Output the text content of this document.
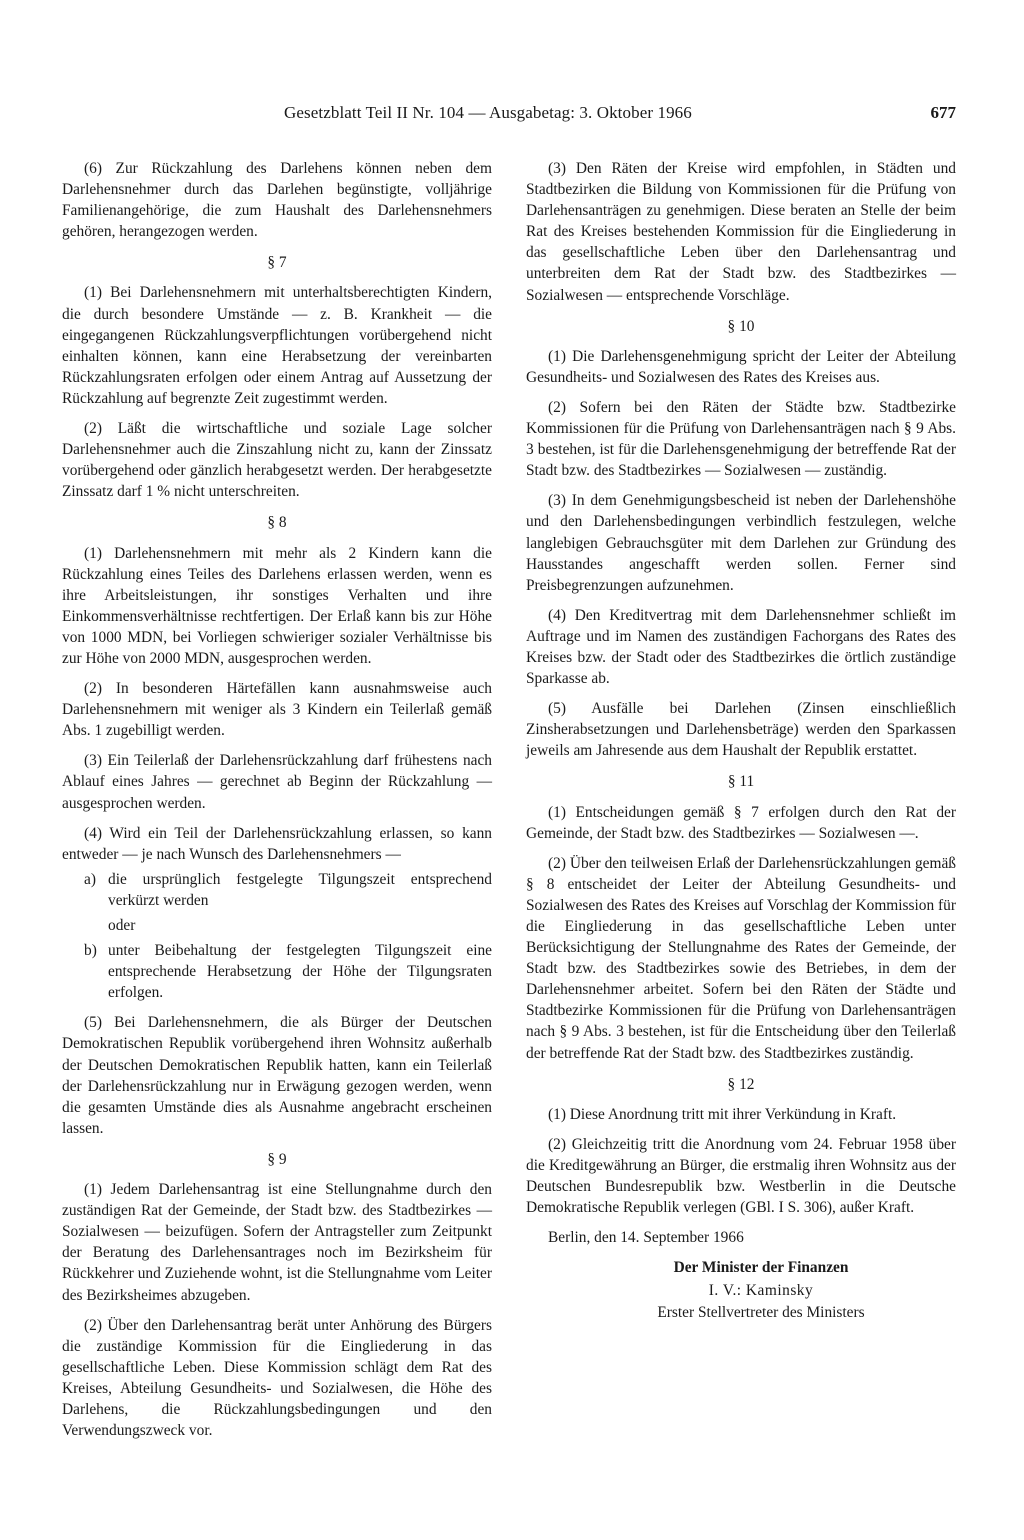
Gesetzblatt Teil II Nr. 104 — Ausgabetag: 3. Oktober 1966	677

(6) Zur Rückzahlung des Darlehens können neben dem Darlehensnehmer durch das Darlehen begünstigte, volljährige Familienangehörige, die zum Haushalt des Darlehensnehmers gehören, herangezogen werden.

§ 7

(1) Bei Darlehensnehmern mit unterhaltsberechtigten Kindern, die durch besondere Umstände — z. B. Krankheit — die eingegangenen Rückzahlungsverpflichtungen vorübergehend nicht einhalten können, kann eine Herabsetzung der vereinbarten Rückzahlungsraten erfolgen oder einem Antrag auf Aussetzung der Rückzahlung auf begrenzte Zeit zugestimmt werden.

(2) Läßt die wirtschaftliche und soziale Lage solcher Darlehensnehmer auch die Zinszahlung nicht zu, kann der Zinssatz vorübergehend oder gänzlich herabgesetzt werden. Der herabgesetzte Zinssatz darf 1 % nicht unterschreiten.

§ 8

(1) Darlehensnehmern mit mehr als 2 Kindern kann die Rückzahlung eines Teiles des Darlehens erlassen werden, wenn es ihre Arbeitsleistungen, ihr sonstiges Verhalten und ihre Einkommensverhältnisse rechtfertigen. Der Erlaß kann bis zur Höhe von 1000 MDN, bei Vorliegen schwieriger sozialer Verhältnisse bis zur Höhe von 2000 MDN, ausgesprochen werden.

(2) In besonderen Härtefällen kann ausnahmsweise auch Darlehensnehmern mit weniger als 3 Kindern ein Teilerlaß gemäß Abs. 1 zugebilligt werden.

(3) Ein Teilerlaß der Darlehensrückzahlung darf frühestens nach Ablauf eines Jahres — gerechnet ab Beginn der Rückzahlung — ausgesprochen werden.

(4) Wird ein Teil der Darlehensrückzahlung erlassen, so kann entweder — je nach Wunsch des Darlehensnehmers —

a) die ursprünglich festgelegte Tilgungszeit entsprechend verkürzt werden
oder
b) unter Beibehaltung der festgelegten Tilgungszeit eine entsprechende Herabsetzung der Höhe der Tilgungsraten erfolgen.

(5) Bei Darlehensnehmern, die als Bürger der Deutschen Demokratischen Republik vorübergehend ihren Wohnsitz außerhalb der Deutschen Demokratischen Republik hatten, kann ein Teilerlaß der Darlehensrückzahlung nur in Erwägung gezogen werden, wenn die gesamten Umstände dies als Ausnahme angebracht erscheinen lassen.

§ 9

(1) Jedem Darlehensantrag ist eine Stellungnahme durch den zuständigen Rat der Gemeinde, der Stadt bzw. des Stadtbezirkes — Sozialwesen — beizufügen. Sofern der Antragsteller zum Zeitpunkt der Beratung des Darlehensantrages noch im Bezirksheim für Rückkehrer und Zuziehende wohnt, ist die Stellungnahme vom Leiter des Bezirksheimes abzugeben.

(2) Über den Darlehensantrag berät unter Anhörung des Bürgers die zuständige Kommission für die Eingliederung in das gesellschaftliche Leben. Diese Kommission schlägt dem Rat des Kreises, Abteilung Gesundheits- und Sozialwesen, die Höhe des Darlehens, die Rückzahlungsbedingungen und den Verwendungszweck vor.

(3) Den Räten der Kreise wird empfohlen, in Städten und Stadtbezirken die Bildung von Kommissionen für die Prüfung von Darlehensanträgen zu genehmigen. Diese beraten an Stelle der beim Rat des Kreises bestehenden Kommission für die Eingliederung in das gesellschaftliche Leben über den Darlehensantrag und unterbreiten dem Rat der Stadt bzw. des Stadtbezirkes — Sozialwesen — entsprechende Vorschläge.

§ 10

(1) Die Darlehensgenehmigung spricht der Leiter der Abteilung Gesundheits- und Sozialwesen des Rates des Kreises aus.

(2) Sofern bei den Räten der Städte bzw. Stadtbezirke Kommissionen für die Prüfung von Darlehensanträgen nach § 9 Abs. 3 bestehen, ist für die Darlehensgenehmigung der betreffende Rat der Stadt bzw. des Stadtbezirkes — Sozialwesen — zuständig.

(3) In dem Genehmigungsbescheid ist neben der Darlehenshöhe und den Darlehensbedingungen verbindlich festzulegen, welche langlebigen Gebrauchsgüter mit dem Darlehen zur Gründung des Hausstandes angeschafft werden sollen. Ferner sind Preisbegrenzungen aufzunehmen.

(4) Den Kreditvertrag mit dem Darlehensnehmer schließt im Auftrage und im Namen des zuständigen Fachorgans des Rates des Kreises bzw. der Stadt oder des Stadtbezirkes die örtlich zuständige Sparkasse ab.

(5) Ausfälle bei Darlehen (Zinsen einschließlich Zinsherabsetzungen und Darlehensbeträge) werden den Sparkassen jeweils am Jahresende aus dem Haushalt der Republik erstattet.

§ 11

(1) Entscheidungen gemäß § 7 erfolgen durch den Rat der Gemeinde, der Stadt bzw. des Stadtbezirkes — Sozialwesen —.

(2) Über den teilweisen Erlaß der Darlehensrückzahlungen gemäß § 8 entscheidet der Leiter der Abteilung Gesundheits- und Sozialwesen des Rates des Kreises auf Vorschlag der Kommission für die Eingliederung in das gesellschaftliche Leben unter Berücksichtigung der Stellungnahme des Rates der Gemeinde, der Stadt bzw. des Stadtbezirkes sowie des Betriebes, in dem der Darlehensnehmer arbeitet. Sofern bei den Räten der Städte und Stadtbezirke Kommissionen für die Prüfung von Darlehensanträgen nach § 9 Abs. 3 bestehen, ist für die Entscheidung über den Teilerlaß der betreffende Rat der Stadt bzw. des Stadtbezirkes zuständig.

§ 12

(1) Diese Anordnung tritt mit ihrer Verkündung in Kraft.

(2) Gleichzeitig tritt die Anordnung vom 24. Februar 1958 über die Kreditgewährung an Bürger, die erstmalig ihren Wohnsitz aus der Deutschen Bundesrepublik bzw. Westberlin in die Deutsche Demokratische Republik verlegen (GBl. I S. 306), außer Kraft.

Berlin, den 14. September 1966

Der Minister der Finanzen
I. V.: Kaminsky
Erster Stellvertreter des Ministers
